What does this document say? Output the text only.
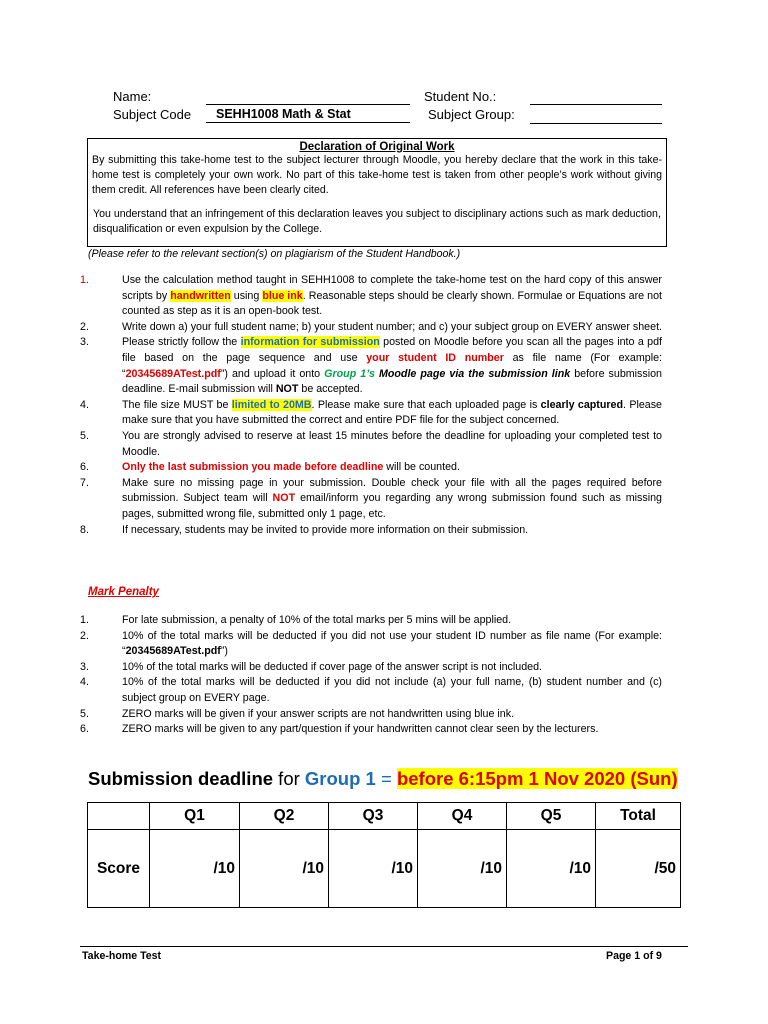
Name:	Student No.:
Subject Code	SEHH1008 Math & Stat	Subject Group:
Declaration of Original Work
By submitting this take-home test to the subject lecturer through Moodle, you hereby declare that the work in this take-home test is completely your own work. No part of this take-home test is taken from other people’s work without giving them credit. All references have been clearly cited.
You understand that an infringement of this declaration leaves you subject to disciplinary actions such as mark deduction, disqualification or even expulsion by the College.
(Please refer to the relevant section(s) on plagiarism of the Student Handbook.)
1.	Use the calculation method taught in SEHH1008 to complete the take-home test on the hard copy of this answer scripts by handwritten using blue ink. Reasonable steps should be clearly shown. Formulae or Equations are not counted as step as it is an open-book test.
2.	Write down a) your full student name; b) your student number; and c) your subject group on EVERY answer sheet.
3.	Please strictly follow the information for submission posted on Moodle before you scan all the pages into a pdf file based on the page sequence and use your student ID number as file name (For example: “20345689ATest.pdf”) and upload it onto Group 1’s Moodle page via the submission link before submission deadline. E-mail submission will NOT be accepted.
4.	The file size MUST be limited to 20MB. Please make sure that each uploaded page is clearly captured. Please make sure that you have submitted the correct and entire PDF file for the subject concerned.
5.	You are strongly advised to reserve at least 15 minutes before the deadline for uploading your completed test to Moodle.
6.	Only the last submission you made before deadline will be counted.
7.	Make sure no missing page in your submission. Double check your file with all the pages required before submission. Subject team will NOT email/inform you regarding any wrong submission found such as missing pages, submitted wrong file, submitted only 1 page, etc.
8.	If necessary, students may be invited to provide more information on their submission.
Mark Penalty
1.	For late submission, a penalty of 10% of the total marks per 5 mins will be applied.
2.	10% of the total marks will be deducted if you did not use your student ID number as file name (For example: “20345689ATest.pdf”)
3.	10% of the total marks will be deducted if cover page of the answer script is not included.
4.	10% of the total marks will be deducted if you did not include (a) your full name, (b) student number and (c) subject group on EVERY page.
5.	ZERO marks will be given if your answer scripts are not handwritten using blue ink.
6.	ZERO marks will be given to any part/question if your handwritten cannot clear seen by the lecturers.
Submission deadline for Group 1 = before 6:15pm 1 Nov 2020 (Sun)
	Q1	Q2	Q3	Q4	Q5	Total
Score	/10	/10	/10	/10	/10	/50
Take-home Test	Page 1 of 9
